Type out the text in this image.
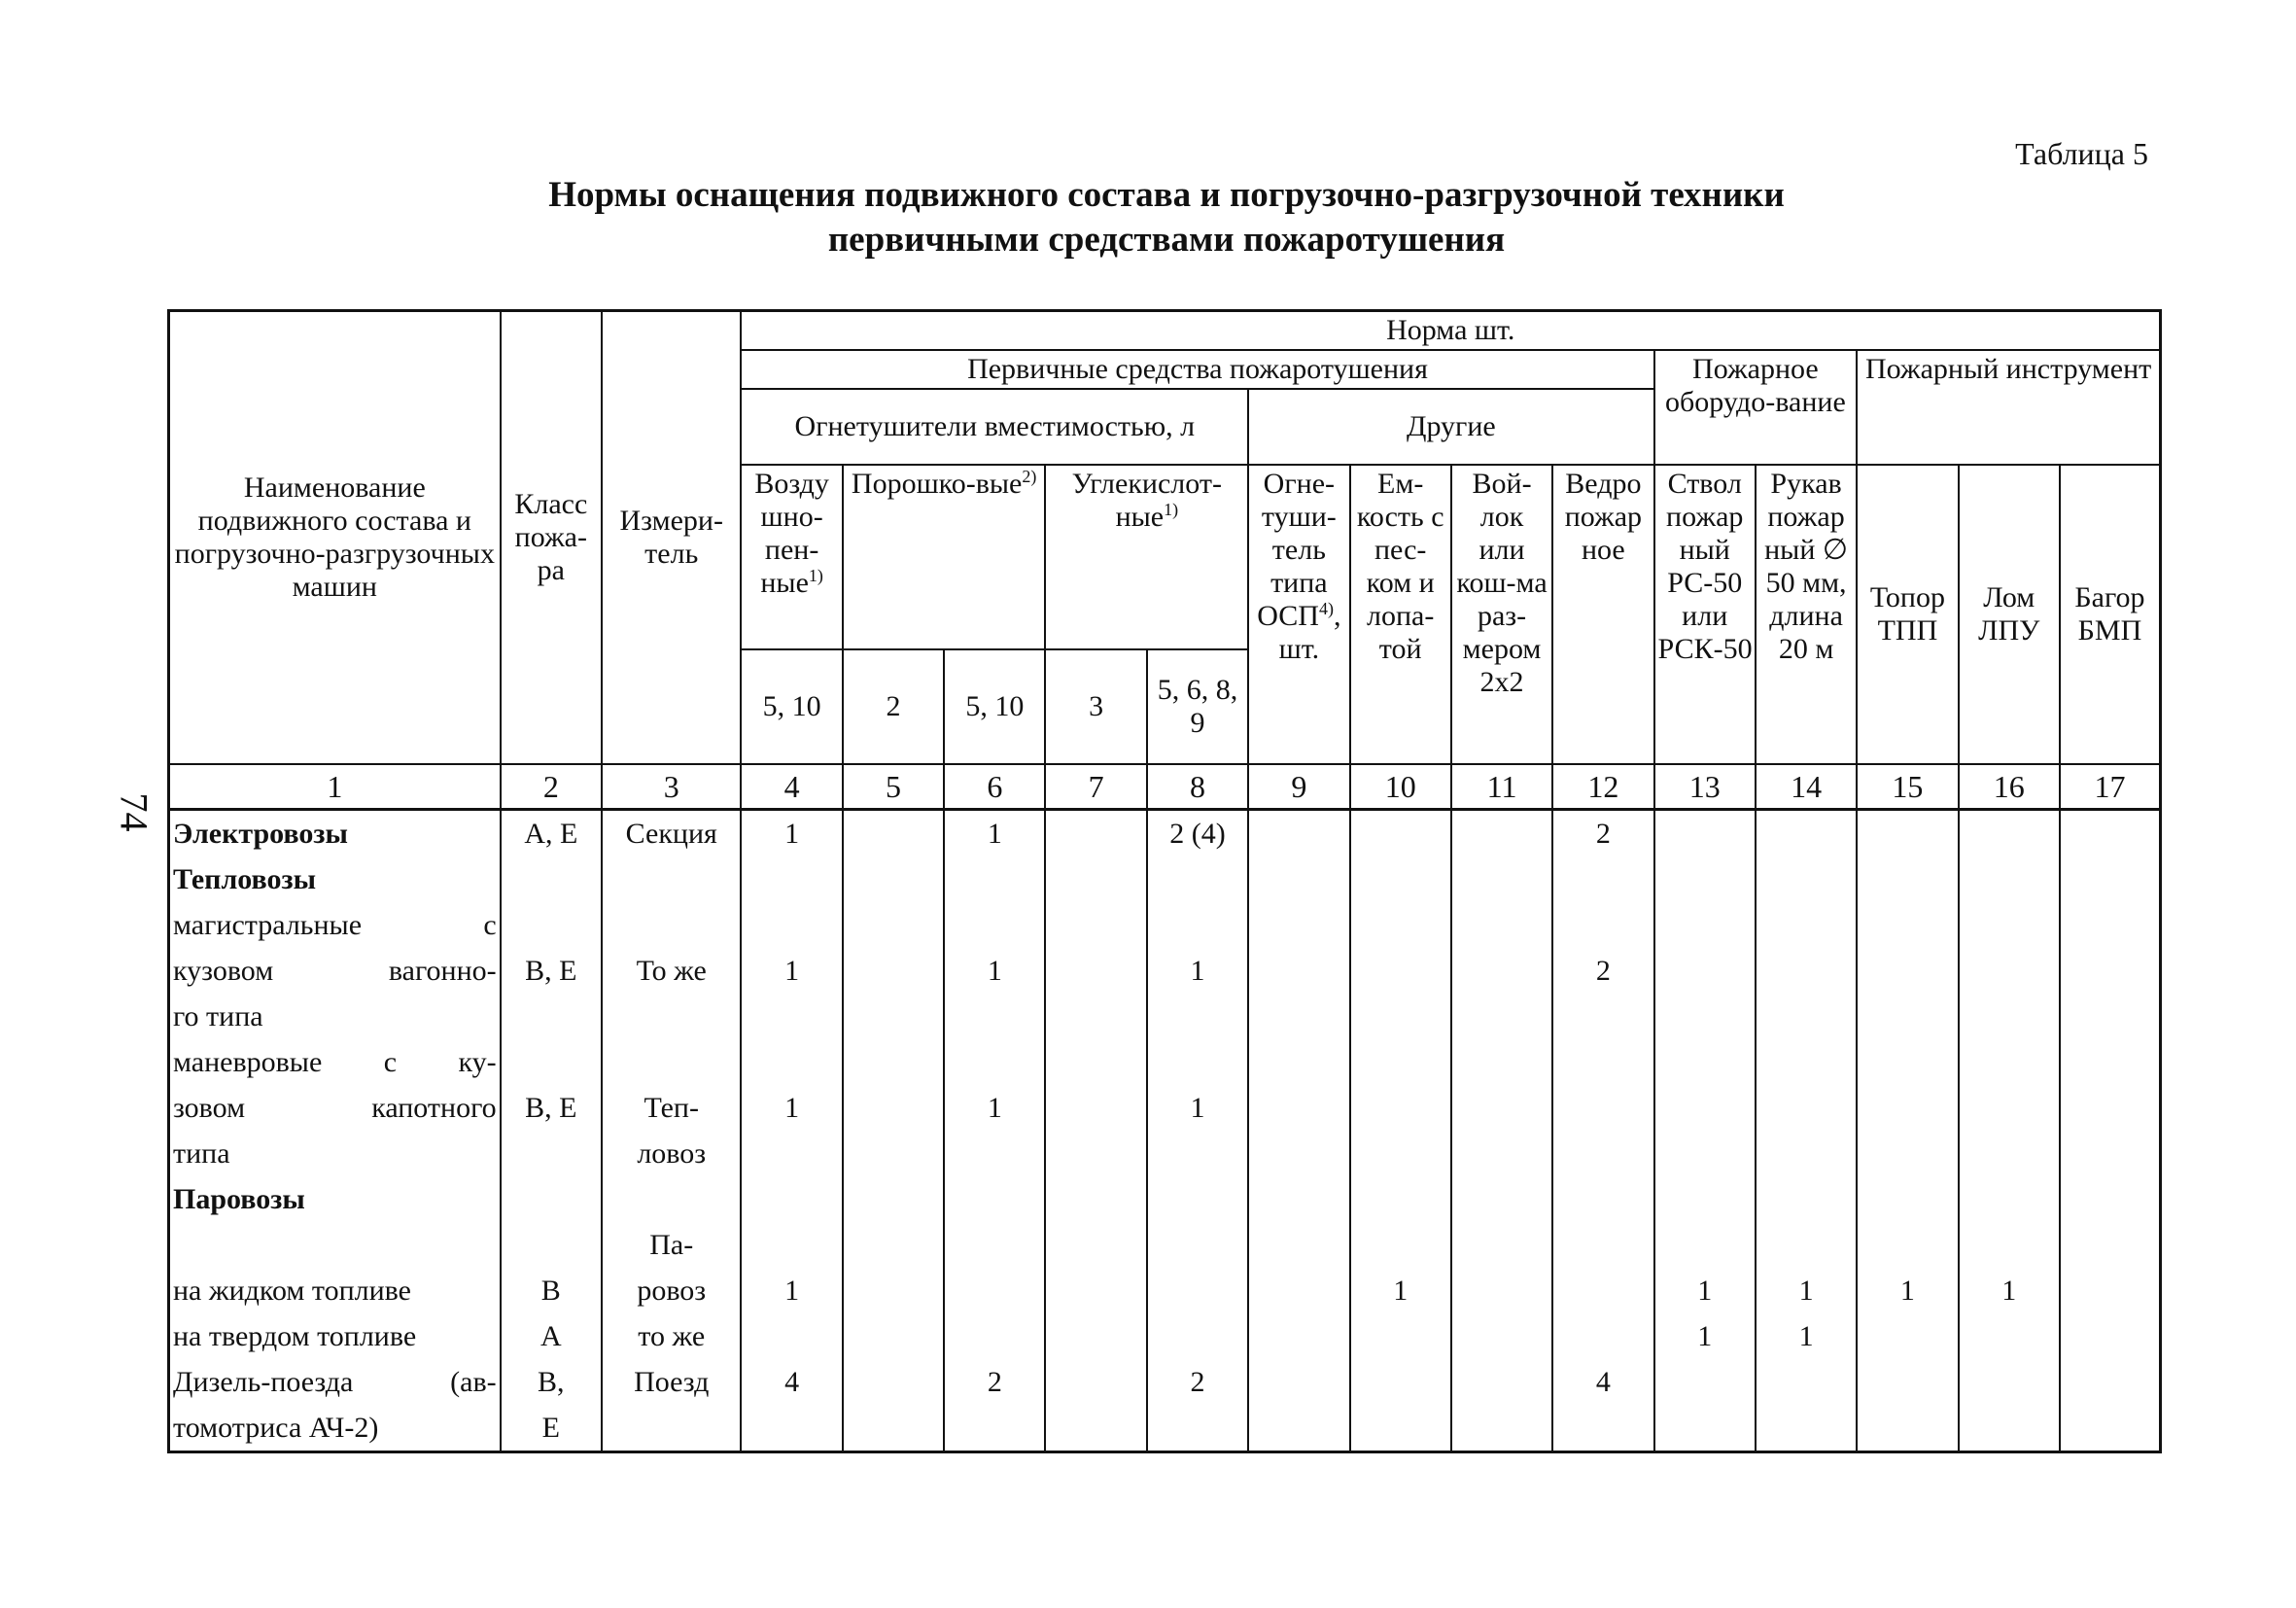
Таблица 5
Нормы оснащения подвижного состава и погрузочно-разгрузочной техники
первичными средствами пожаротушения
74
Наименование подвижного состава и погрузочно-разгрузочных машин	Класс пожа-ра	Измери-тель	Норма шт.													
			Первичные средства пожаротушения									Пожарное оборудо-вание		Пожарный инструмент		
			Огнетушители вместимостью, л					Другие								
			Возду шно-пен-ные$^{1)}$	Порошко-вые$^{2)}$		Углекислот-ные$^{1)}$		Огне-туши-тель типа ОСП$^{4)}$, шт.	Ем-кость с пес-ком и лопа-той	Вой-лок или кош-ма раз-мером 2х2	Ведро пожар ное	Ствол пожар ный РС-50 или РСК-50	Рукав пожар ный ∅ 50 мм, длина 20 м	Топор ТПП	Лом ЛПУ	Багор БМП
			5, 10	2	5, 10	3	5, 6, 8, 9									
1	2	3	4	5	6	7	8	9	10	11	12	13	14	15	16	17
Электровозы	А, Е	Секция	1		1		2 (4)				2					
Тепловозы																
магистральные с																
кузовом вагонно-	В, Е	То же	1		1		1				2					
го типа																
маневровые с ку-																
зовом капотного	В, Е	Теп-	1		1		1									
типа		ловоз														
Паровозы																
		Па-														
на жидком топливе	В	ровоз	1						1			1	1	1	1	
на твердом топливе	А	то же										1	1			
Дизель-поезда (ав-	В,	Поезд	4		2		2				4					
томотриса АЧ-2)	Е															
